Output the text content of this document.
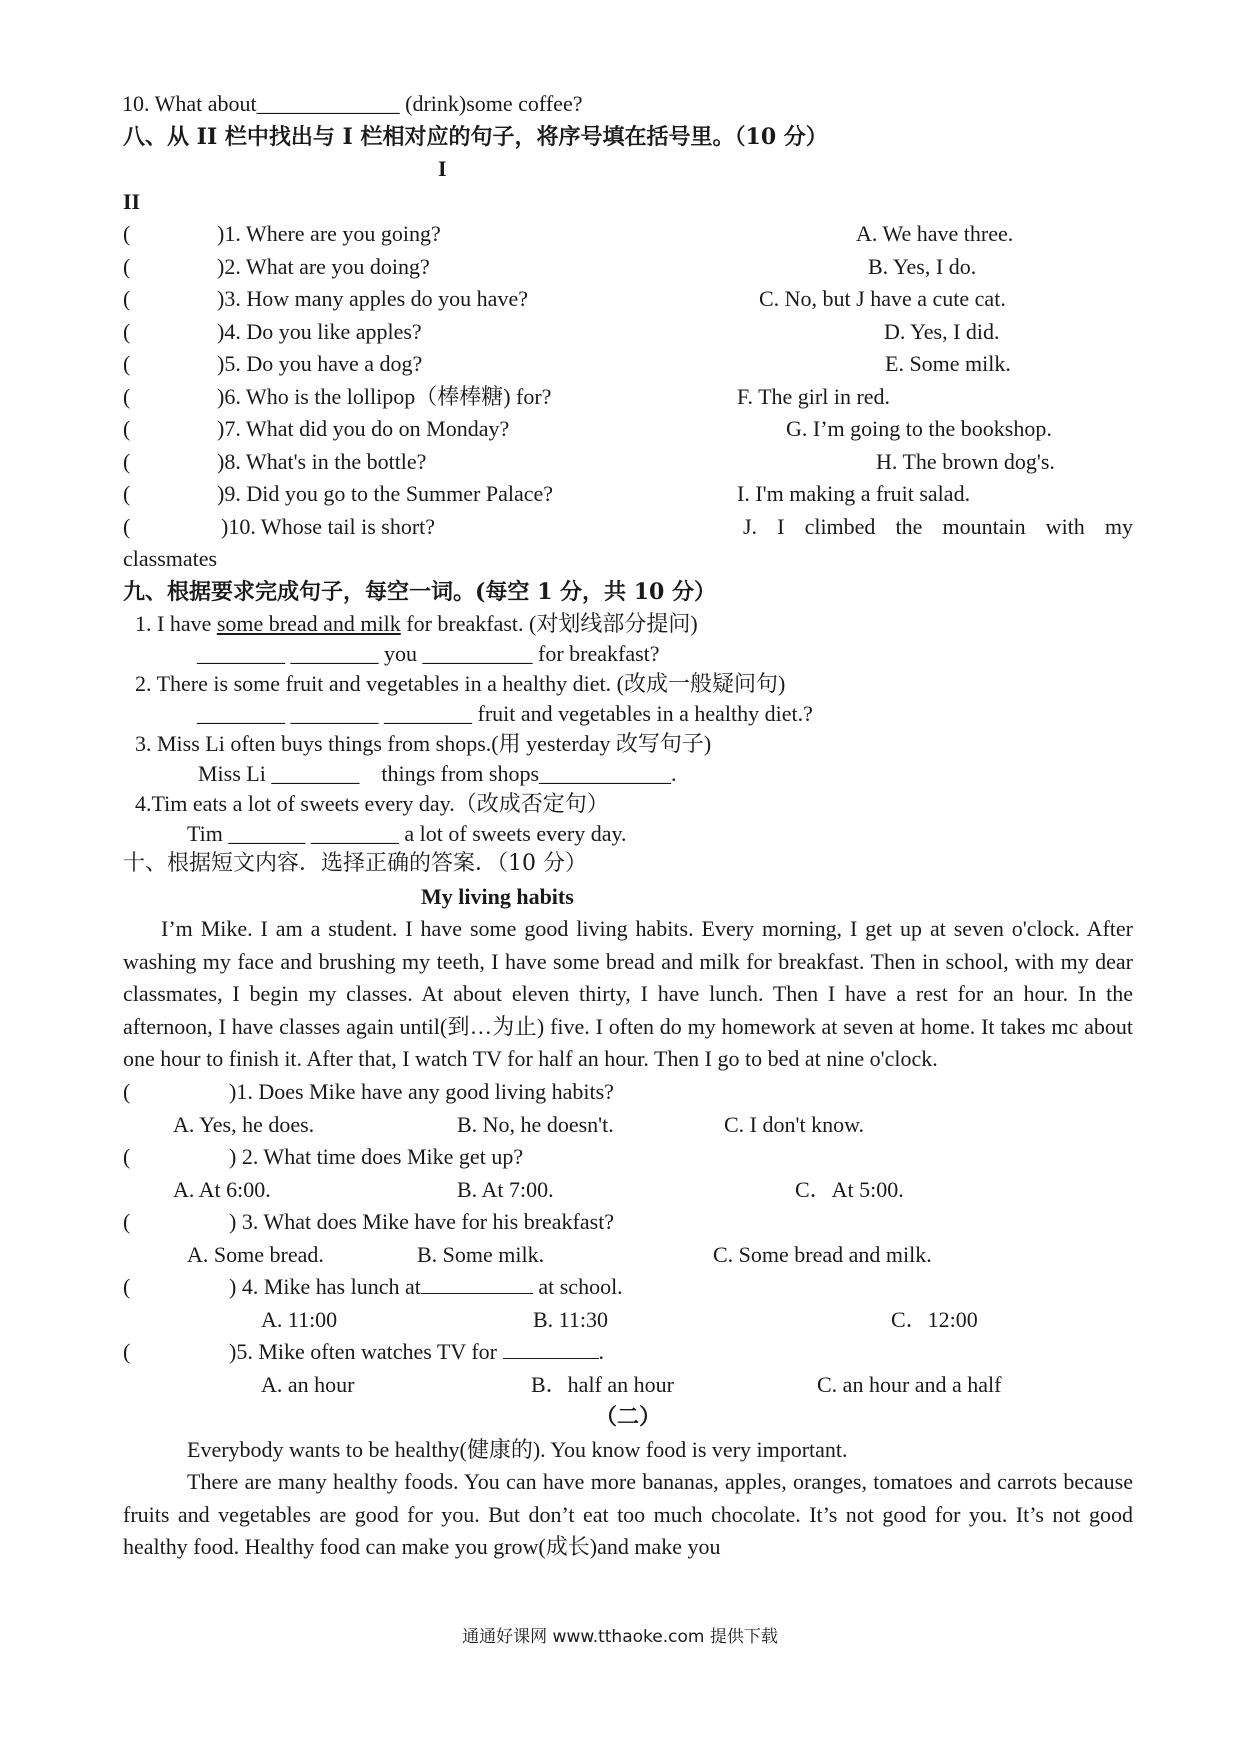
10. What about_____________ (drink)some coffee?
八、从 II 栏中找出与 I 栏相对应的句子，将序号填在括号里。（10 分）
I
II
(	)1. Where are you going?	A. We have three.
(	)2. What are you doing?	B. Yes, I do.
(	)3. How many apples do you have?	C. No, but J have a cute cat.
(	)4. Do you like apples?	D. Yes, I did.
(	)5. Do you have a dog?	E. Some milk.
(	)6. Who is the lollipop（棒棒糖) for?	F. The girl in red.
(	)7. What did you do on Monday?	G. I’m going to the bookshop.
(	)8. What's in the bottle?	H. The brown dog's.
(	)9. Did you go to the Summer Palace?	I. I'm making a fruit salad.
(	)10. Whose tail is short?	J. I climbed the mountain with my
classmates
九、根据要求完成句子，每空一词。(每空 1 分，共 10 分）
1. I have some bread and milk for breakfast. (对划线部分提问)
________ ________ you __________ for breakfast?
2. There is some fruit and vegetables in a healthy diet. (改成一般疑问句)
________ ________ ________ fruit and vegetables in a healthy diet.?
3. Miss Li often buys things from shops.(用 yesterday 改写句子)
Miss Li ________    things from shops____________.
4.Tim eats a lot of sweets every day.（改成否定句）
Tim _______ ________ a lot of sweets every day.
十、根据短文内容．选择正确的答案．（10 分）
My living habits
I’m Mike. I am a student. I have some good living habits. Every morning, I get up at seven o'clock. After washing my face and brushing my teeth, I have some bread and milk for breakfast. Then in school, with my dear classmates, I begin my classes. At about eleven thirty, I have lunch. Then I have a rest for an hour. In the afternoon, I have classes again until(到…为止) five. I often do my homework at seven at home. It takes mc about one hour to finish it. After that, I watch TV for half an hour. Then I go to bed at nine o'clock.
(	)1. Does Mike have any good living habits?
A. Yes, he does.	B. No, he doesn't.	C. I don't know.
(	) 2. What time does Mike get up?
A. At 6:00.	B. At 7:00.	C．At 5:00.
(	) 3. What does Mike have for his breakfast?
A. Some bread.	B. Some milk.	C. Some bread and milk.
(	) 4. Mike has lunch at	at school.
A. 11:00	B. 11:30	C．12:00
(	)5. Mike often watches TV for	.
A. an hour	B．half an hour	C. an hour and a half
（二）
Everybody wants to be healthy(健康的). You know food is very important.
There are many healthy foods. You can have more bananas, apples, oranges, tomatoes and carrots because fruits and vegetables are good for you. But don’t eat too much chocolate. It’s not good for you. It’s not good healthy food. Healthy food can make you grow(成长)and make you
通通好课网 www.tthaoke.com 提供下载
